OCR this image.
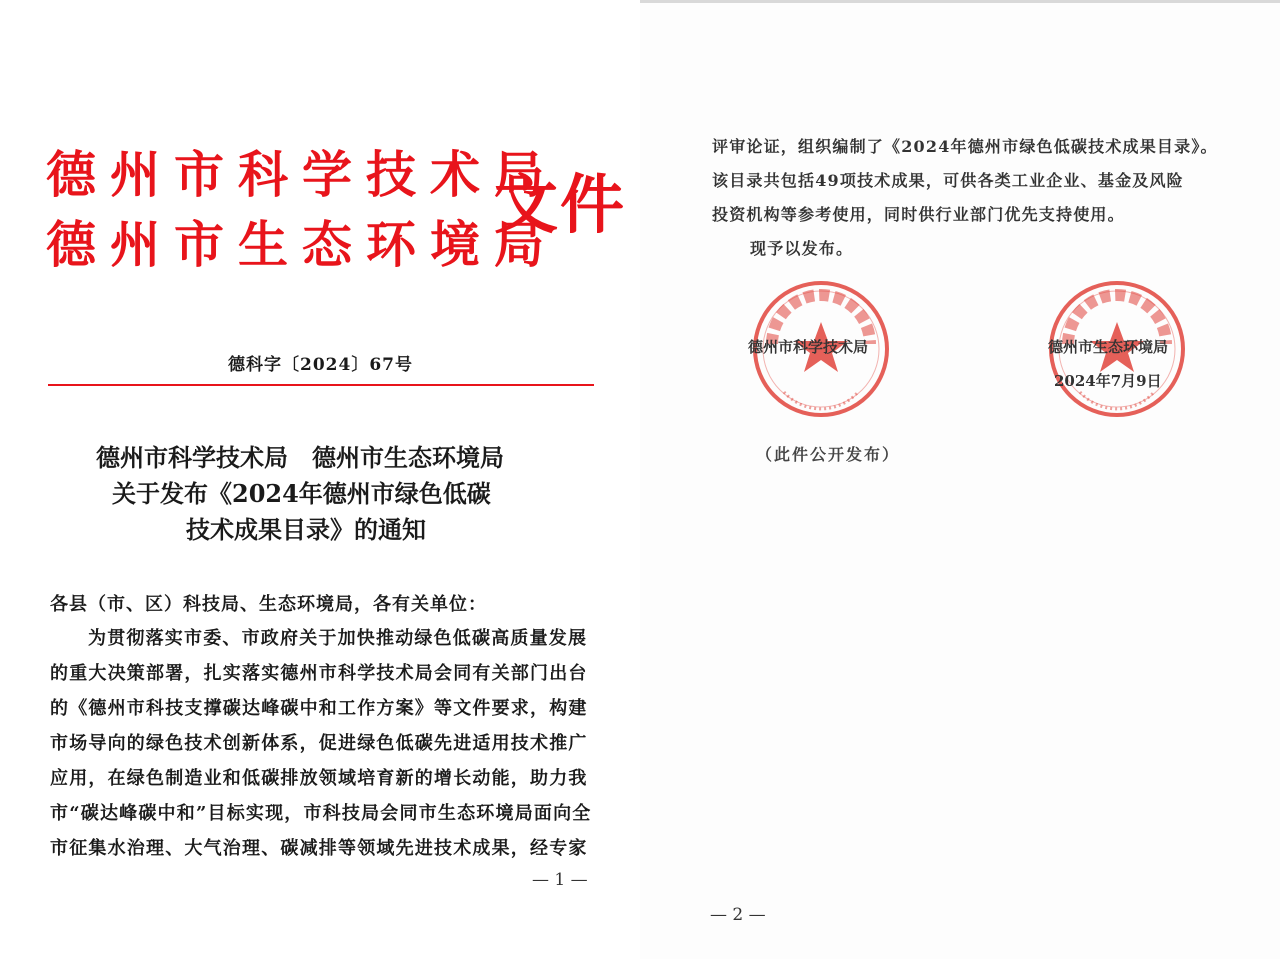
德州市科学技术局
德州市生态环境局
文件
德科字〔2024〕67号
德州市科学技术局　德州市生态环境局
关于发布《2024年德州市绿色低碳
技术成果目录》的通知
各县（市、区）科技局、生态环境局，各有关单位：
为贯彻落实市委、市政府关于加快推动绿色低碳高质量发展
的重大决策部署，扎实落实德州市科学技术局会同有关部门出台
的《德州市科技支撑碳达峰碳中和工作方案》等文件要求，构建
市场导向的绿色技术创新体系，促进绿色低碳先进适用技术推广
应用，在绿色制造业和低碳排放领域培育新的增长动能，助力我
市“碳达峰碳中和”目标实现，市科技局会同市生态环境局面向全
市征集水治理、大气治理、碳减排等领域先进技术成果，经专家
— 1 —
评审论证，组织编制了《2024年德州市绿色低碳技术成果目录》。
该目录共包括49项技术成果，可供各类工业企业、基金及风险
投资机构等参考使用，同时供行业部门优先支持使用。
现予以发布。
德州市科学技术局	德州市生态环境局
2024年7月9日
（此件公开发布）
— 2 —
